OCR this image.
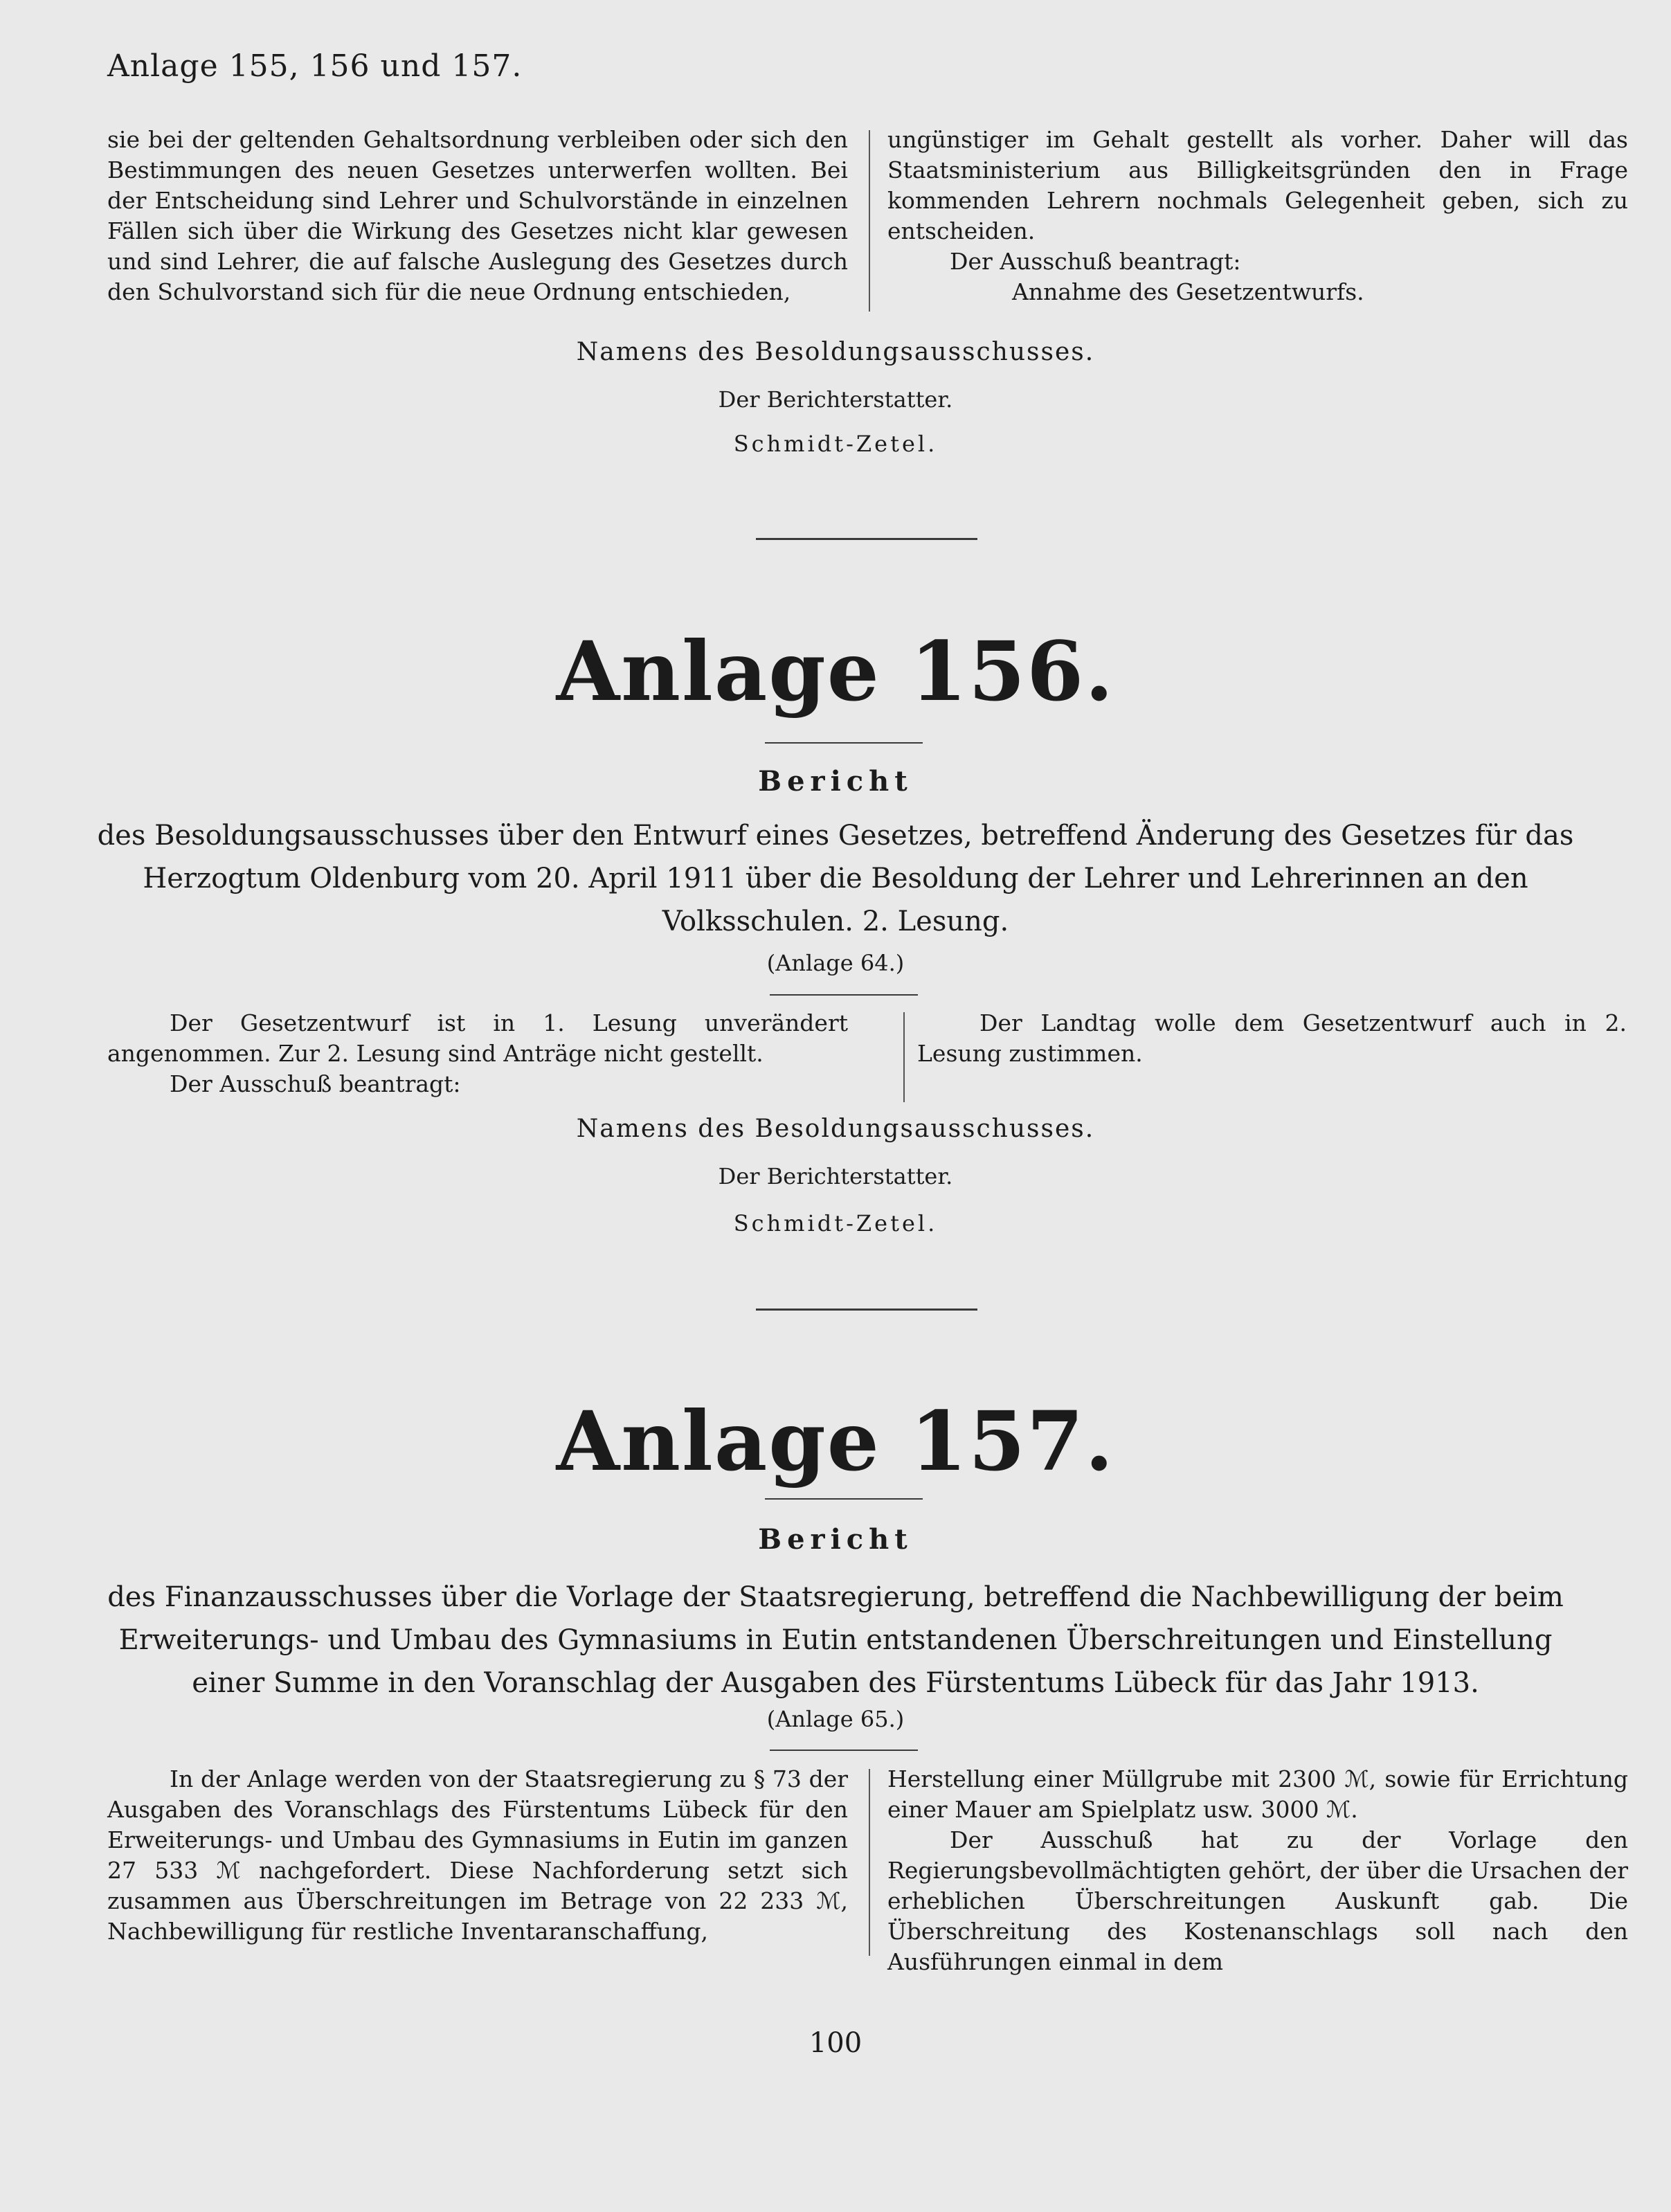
Anlage 155, 156 und 157.

sie bei der geltenden Gehaltsordnung verbleiben oder sich den Bestimmungen des neuen Gesetzes unterwerfen wollten. Bei der Entscheidung sind Lehrer und Schulvorstände in einzelnen Fällen sich über die Wirkung des Gesetzes nicht klar gewesen und sind Lehrer, die auf falsche Auslegung des Gesetzes durch den Schulvorstand sich für die neue Ordnung entschieden,

ungünstiger im Gehalt gestellt als vorher. Daher will das Staatsministerium aus Billigkeitsgründen den in Frage kommenden Lehrern nochmals Gelegenheit geben, sich zu entscheiden.

Der Ausschuß beantragt:

Annahme des Gesetzentwurfs.

Namens des Besoldungsausschusses.
Der Berichterstatter.
Schmidt-Zetel.
Anlage 156.
Bericht
des Besoldungsausschusses über den Entwurf eines Gesetzes, betreffend Änderung des Gesetzes für das
Herzogtum Oldenburg vom 20. April 1911 über die Besoldung der Lehrer und Lehrerinnen an den
Volksschulen. 2. Lesung.
(Anlage 64.)

Der Gesetzentwurf ist in 1. Lesung unverändert angenommen. Zur 2. Lesung sind Anträge nicht gestellt.

Der Ausschuß beantragt:

Der Landtag wolle dem Gesetzentwurf auch in 2. Lesung zustimmen.

Namens des Besoldungsausschusses.
Der Berichterstatter.
Schmidt-Zetel.
Anlage 157.
Bericht
des Finanzausschusses über die Vorlage der Staatsregierung, betreffend die Nachbewilligung der beim
Erweiterungs- und Umbau des Gymnasiums in Eutin entstandenen Überschreitungen und Einstellung
einer Summe in den Voranschlag der Ausgaben des Fürstentums Lübeck für das Jahr 1913.
(Anlage 65.)

In der Anlage werden von der Staatsregierung zu § 73 der Ausgaben des Voranschlags des Fürstentums Lübeck für den Erweiterungs- und Umbau des Gymnasiums in Eutin im ganzen 27 533 ℳ nachgefordert. Diese Nachforderung setzt sich zusammen aus Überschreitungen im Betrage von 22 233 ℳ, Nachbewilligung für restliche Inventaranschaffung,

Herstellung einer Müllgrube mit 2300 ℳ, sowie für Errichtung einer Mauer am Spielplatz usw. 3000 ℳ.

Der Ausschuß hat zu der Vorlage den Regierungsbevollmächtigten gehört, der über die Ursachen der erheblichen Überschreitungen Auskunft gab. Die Überschreitung des Kostenanschlags soll nach den Ausführungen einmal in dem

100
